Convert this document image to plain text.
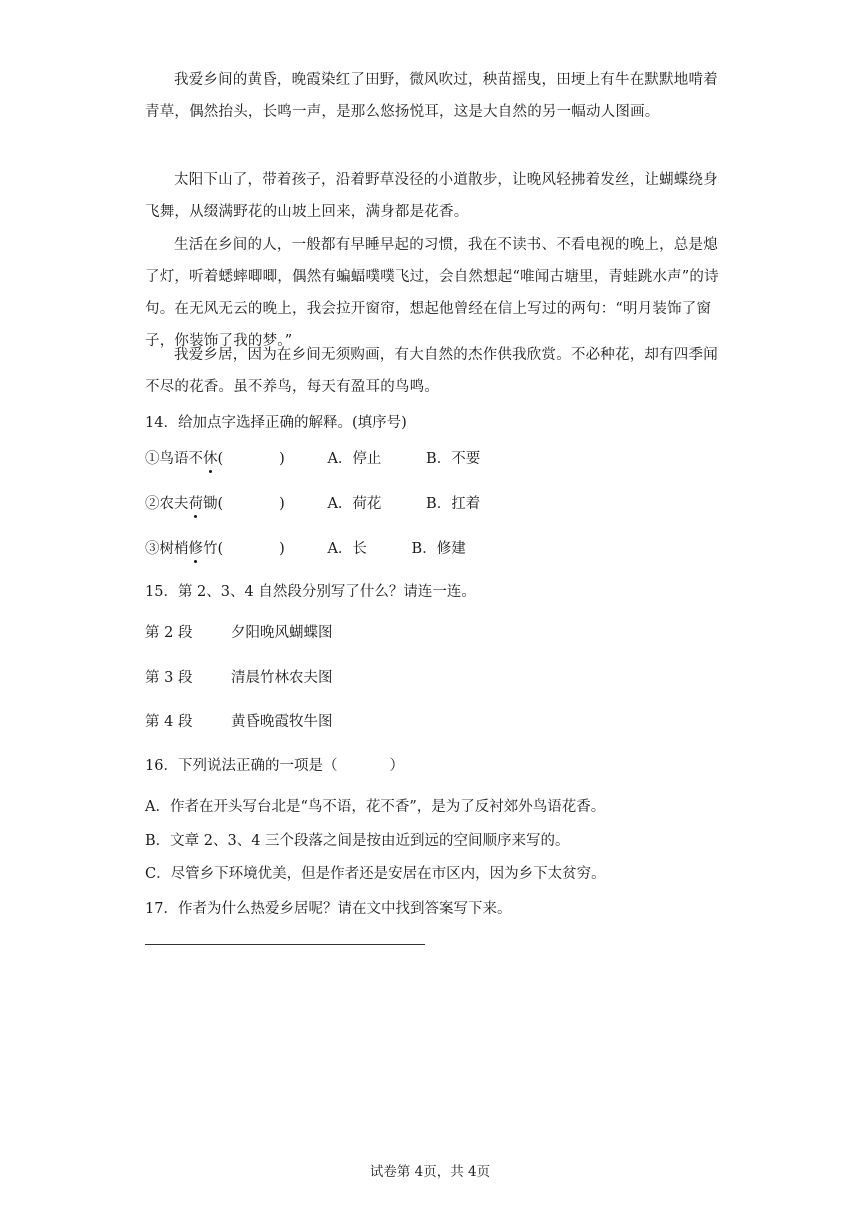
我爱乡间的黄昏，晚霞染红了田野，微风吹过，秧苗摇曳，田埂上有牛在默默地啃着青草，偶然抬头，长鸣一声，是那么悠扬悦耳，这是大自然的另一幅动人图画。

太阳下山了，带着孩子，沿着野草没径的小道散步，让晚风轻拂着发丝，让蝴蝶绕身飞舞，从缀满野花的山坡上回来，满身都是花香。

生活在乡间的人，一般都有早睡早起的习惯，我在不读书、不看电视的晚上，总是熄了灯，听着蟋蟀唧唧，偶然有蝙蝠噗噗飞过，会自然想起“唯闻古塘里，青蛙跳水声”的诗句。在无风无云的晚上，我会拉开窗帘，想起他曾经在信上写过的两句：“明月装饰了窗子，你装饰了我的梦。”

我爱乡居，因为在乡间无须购画，有大自然的杰作供我欣赏。不必种花，却有四季闻不尽的花香。虽不养鸟，每天有盈耳的鸟鸣。

14．给加点字选择正确的解释。(填序号)

①鸟语不休(	)	A．停止	B．不要
②农夫荷锄(	)	A．荷花	B．扛着
③树梢修竹(	)	A．长	B．修建

15．第 2、3、4 自然段分别写了什么？请连一连。

第 2 段	夕阳晚风蝴蝶图
第 3 段	清晨竹林农夫图
第 4 段	黄昏晚霞牧牛图
16．下列说法正确的一项是（	）

A．作者在开头写台北是“鸟不语，花不香”，是为了反衬郊外鸟语花香。

B．文章 2、3、4 三个段落之间是按由近到远的空间顺序来写的。

C．尽管乡下环境优美，但是作者还是安居在市区内，因为乡下太贫穷。

17．作者为什么热爱乡居呢？请在文中找到答案写下来。

试卷第 4页，共 4页
